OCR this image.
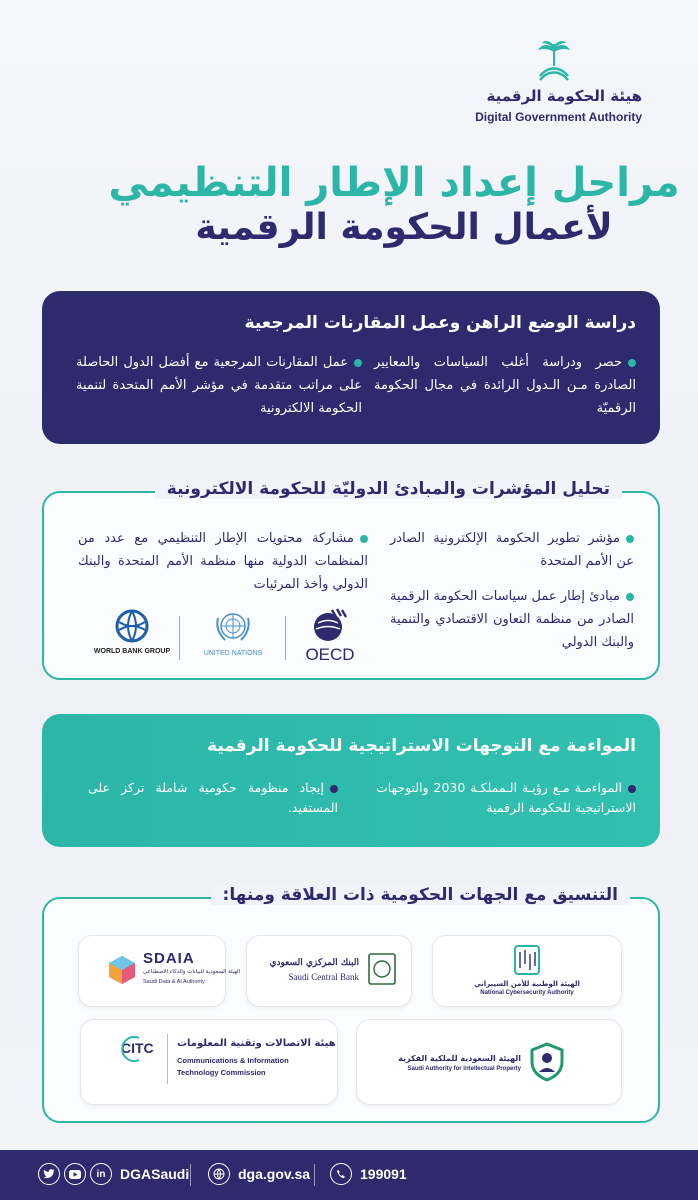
هيئة الحكومة الرقمية
Digital Government Authority
مراحل إعداد الإطار التنظيمي
لأعمال الحكومة الرقمية
دراسة الوضع الراهن وعمل المقارنات المرجعية
حصر ودراسة أغلب السياسات والمعايير الصادرة مـن الـدول الرائدة في مجال الحكومة الرقميّة
عمل المقارنات المرجعية مع أفضل الدول الحاصلة على مراتب متقدمة في مؤشر الأمم المتحدة لتنمية الحكومة الالكترونية
تحليل المؤشرات والمبادئ الدوليّة للحكومة الالكترونية
مؤشر تطوير الحكومة الإلكترونية الصادر عن الأمم المتحدة
مبادئ إطار عمل سياسات الحكومة الرقمية الصادر من منظمة التعاون الاقتصادي والتنمية والبنك الدولي
مشاركة محتويات الإطار التنظيمي مع عدد من المنظمات الدولية منها منظمة الأمم المتحدة والبنك الدولي وأخذ المرئيات
OECD
UNITED NATIONS
WORLD BANK GROUP
المواءمة مع التوجهات الاستراتيجية للحكومة الرقمية
المواءمـة مـع رؤيـة الـمملكـة 2030 والتوجهات الاستراتيجية للحكومة الرقمية
إيجاد منظومة حكومية شاملة تركز على المستفيد.
التنسيق مع الجهات الحكومية ذات العلاقة ومنها:
الهيئة الوطنية للأمن السيبراني
National Cybersecurity Authority
البنك المركزي السعودي
Saudi Central Bank
SDAIA
الهيئة السعودية للبيانات والذكاء الاصطناعي
Saudi Data & AI Authority
الهيئة السعودية للملكية الفكرية
Saudi Authority for Intellectual Property
CITC هيئة الاتصالات وتقنية المعلومات
Communications & Information
Technology Commission
in DGASaudi	dga.gov.sa	199091
